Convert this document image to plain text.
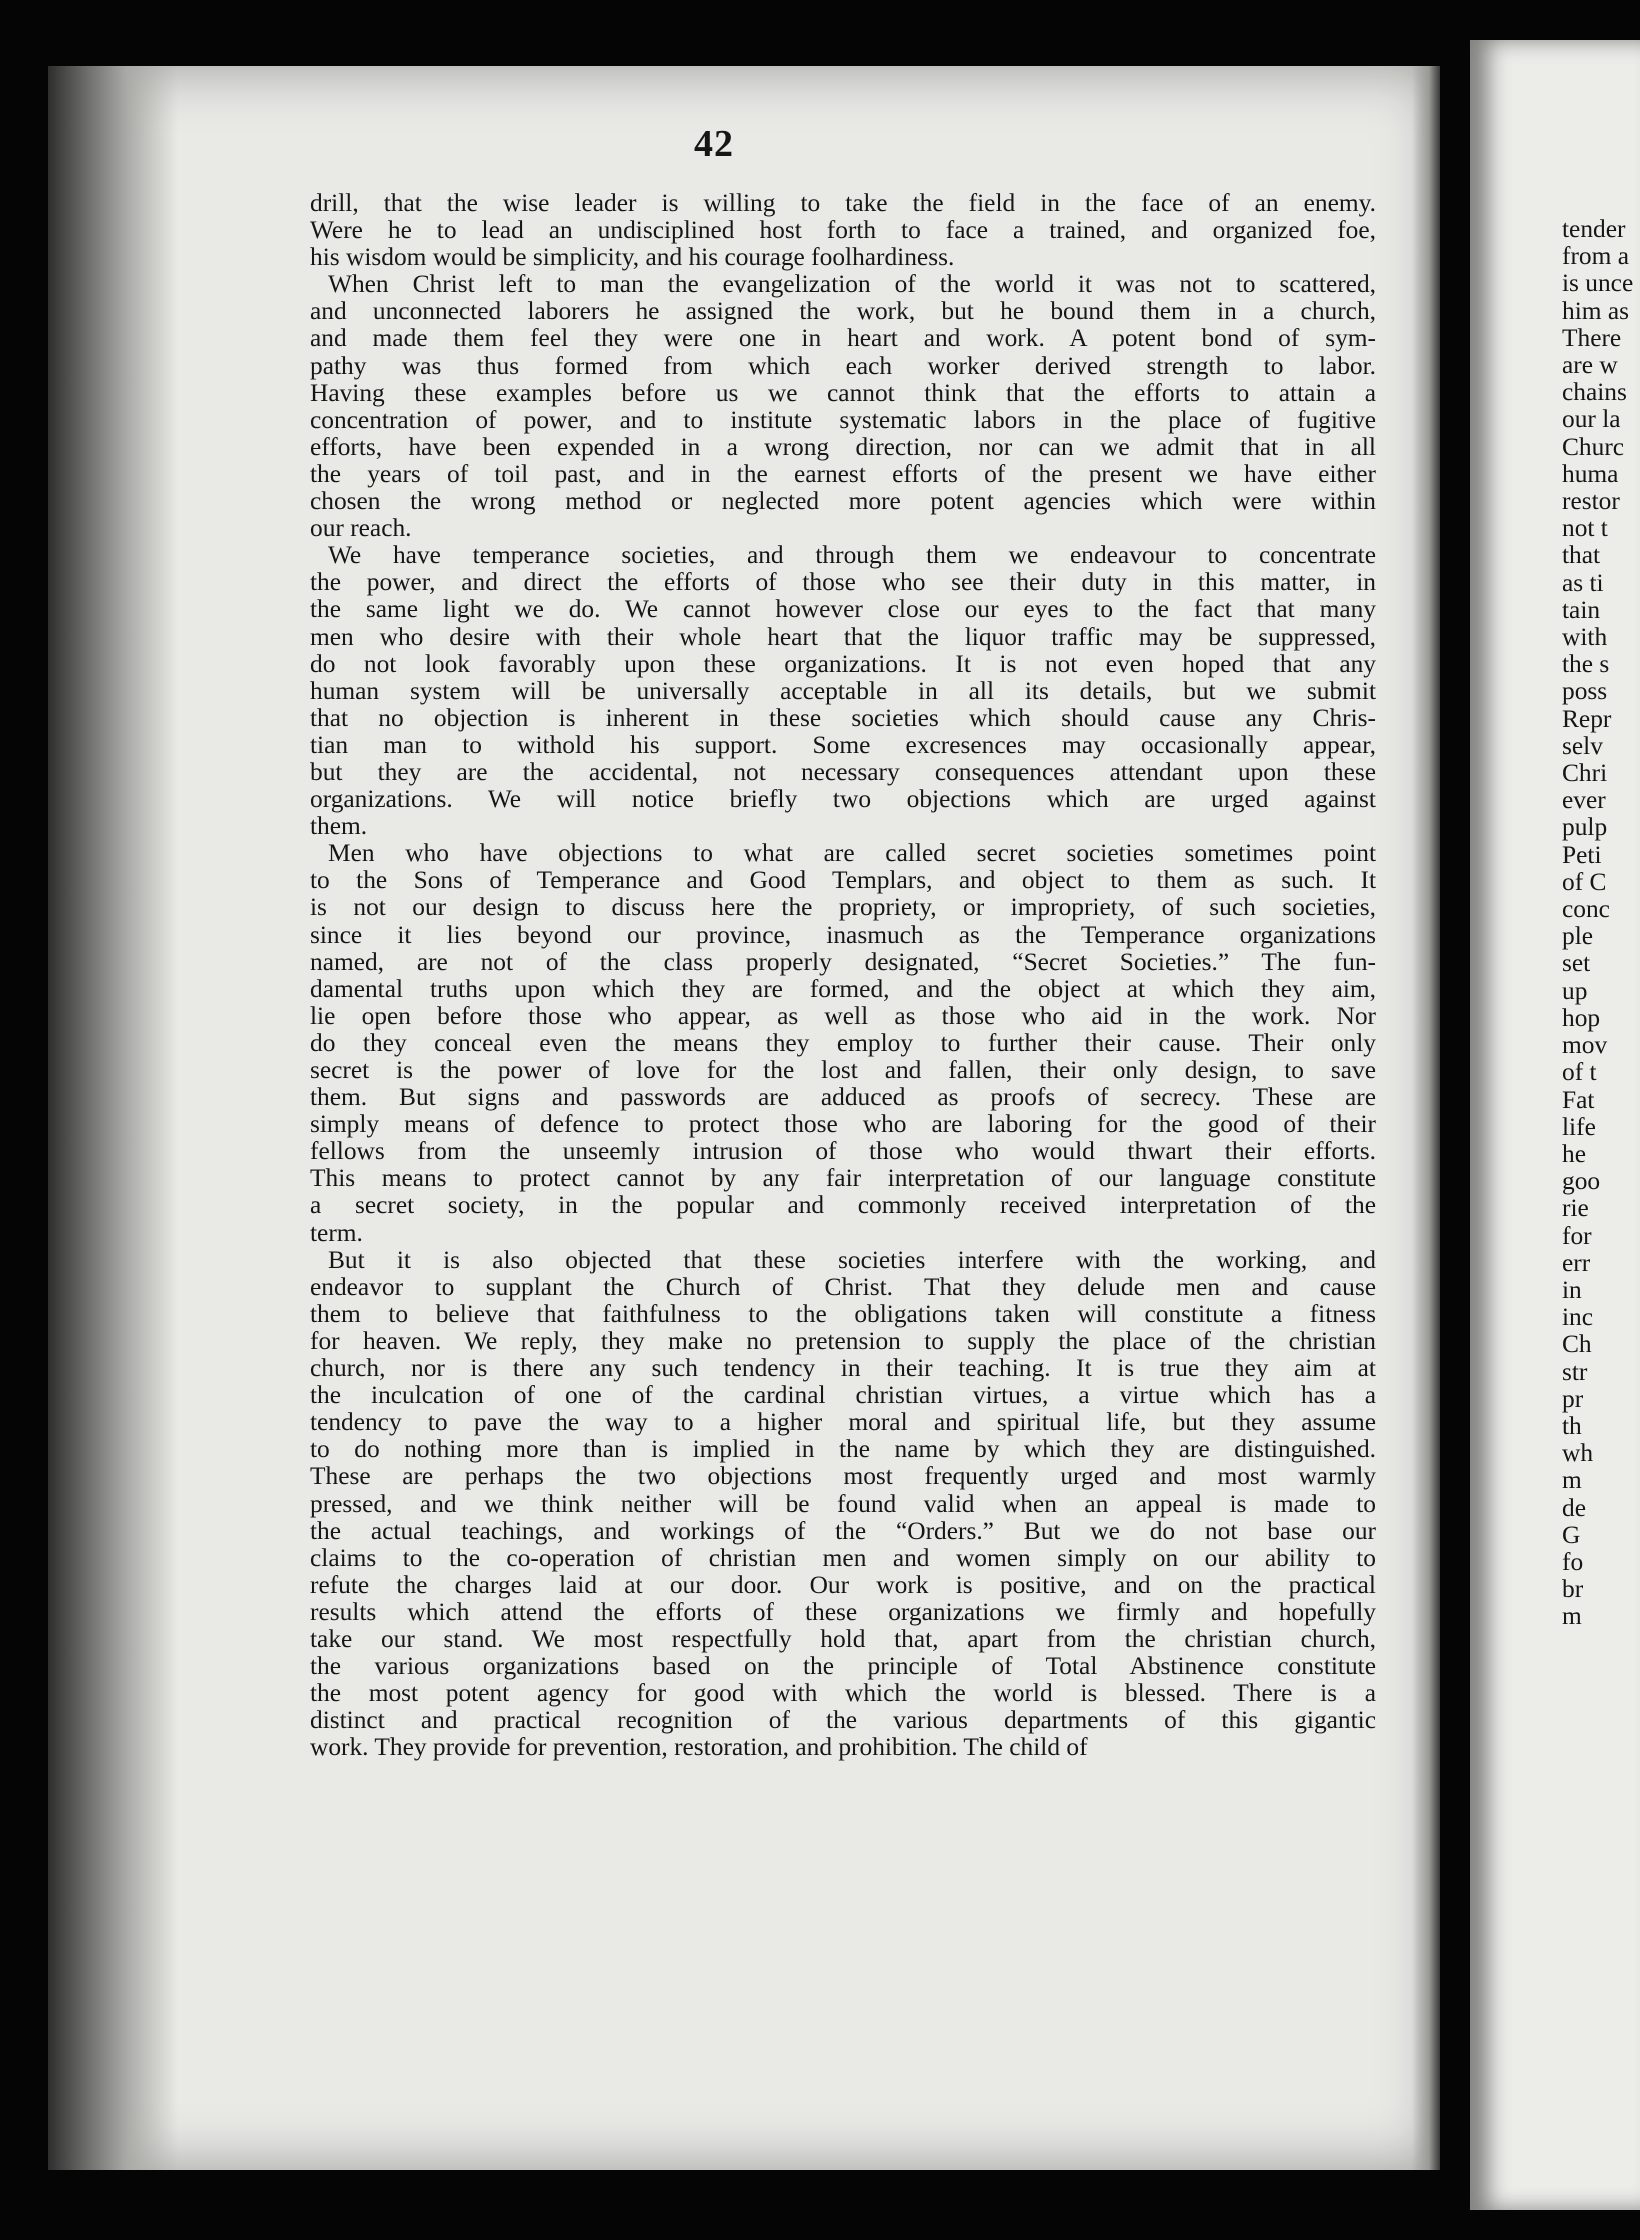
42

drill, that the wise leader is willing to take the field in the face of an enemy.
Were he to lead an undisciplined host forth to face a trained, and organized foe,
his wisdom would be simplicity, and his courage foolhardiness.

When Christ left to man the evangelization of the world it was not to scattered,
and unconnected laborers he assigned the work, but he bound them in a church,
and made them feel they were one in heart and work. A potent bond of sym-
pathy was thus formed from which each worker derived strength to labor.
Having these examples before us we cannot think that the efforts to attain a
concentration of power, and to institute systematic labors in the place of fugitive
efforts, have been expended in a wrong direction, nor can we admit that in all
the years of toil past, and in the earnest efforts of the present we have either
chosen the wrong method or neglected more potent agencies which were within
our reach.

We have temperance societies, and through them we endeavour to concentrate
the power, and direct the efforts of those who see their duty in this matter, in
the same light we do. We cannot however close our eyes to the fact that many
men who desire with their whole heart that the liquor traffic may be suppressed,
do not look favorably upon these organizations. It is not even hoped that any
human system will be universally acceptable in all its details, but we submit
that no objection is inherent in these societies which should cause any Chris-
tian man to withold his support. Some excresences may occasionally appear,
but they are the accidental, not necessary consequences attendant upon these
organizations. We will notice briefly two objections which are urged against
them.

Men who have objections to what are called secret societies sometimes point
to the Sons of Temperance and Good Templars, and object to them as such. It
is not our design to discuss here the propriety, or impropriety, of such societies,
since it lies beyond our province, inasmuch as the Temperance organizations
named, are not of the class properly designated, “Secret Societies.” The fun-
damental truths upon which they are formed, and the object at which they aim,
lie open before those who appear, as well as those who aid in the work. Nor
do they conceal even the means they employ to further their cause. Their only
secret is the power of love for the lost and fallen, their only design, to save
them. But signs and passwords are adduced as proofs of secrecy. These are
simply means of defence to protect those who are laboring for the good of their
fellows from the unseemly intrusion of those who would thwart their efforts.
This means to protect cannot by any fair interpretation of our language constitute
a secret society, in the popular and commonly received interpretation of the
term.

But it is also objected that these societies interfere with the working, and
endeavor to supplant the Church of Christ. That they delude men and cause
them to believe that faithfulness to the obligations taken will constitute a fitness
for heaven. We reply, they make no pretension to supply the place of the christian
church, nor is there any such tendency in their teaching. It is true they aim at
the inculcation of one of the cardinal christian virtues, a virtue which has a
tendency to pave the way to a higher moral and spiritual life, but they assume
to do nothing more than is implied in the name by which they are distinguished.
These are perhaps the two objections most frequently urged and most warmly
pressed, and we think neither will be found valid when an appeal is made to
the actual teachings, and workings of the “Orders.” But we do not base our
claims to the co-operation of christian men and women simply on our ability to
refute the charges laid at our door. Our work is positive, and on the practical
results which attend the efforts of these organizations we firmly and hopefully
take our stand. We most respectfully hold that, apart from the christian church,
the various organizations based on the principle of Total Abstinence constitute
the most potent agency for good with which the world is blessed. There is a
distinct and practical recognition of the various departments of this gigantic
work. They provide for prevention, restoration, and prohibition. The child of

tender
from a
is unce
him as
There
are w
chains
our la
Churc
huma
restor
not t
that
as ti
tain
with
the s
poss
Repr
selv
Chri
ever
pulp
Peti
of C
conc
ple
set
up
hop
mov
of t
Fat
life
he
goo
rie
for
err
in
inc
Ch
str
pr
th
wh
m
de
G
fo
br
m
